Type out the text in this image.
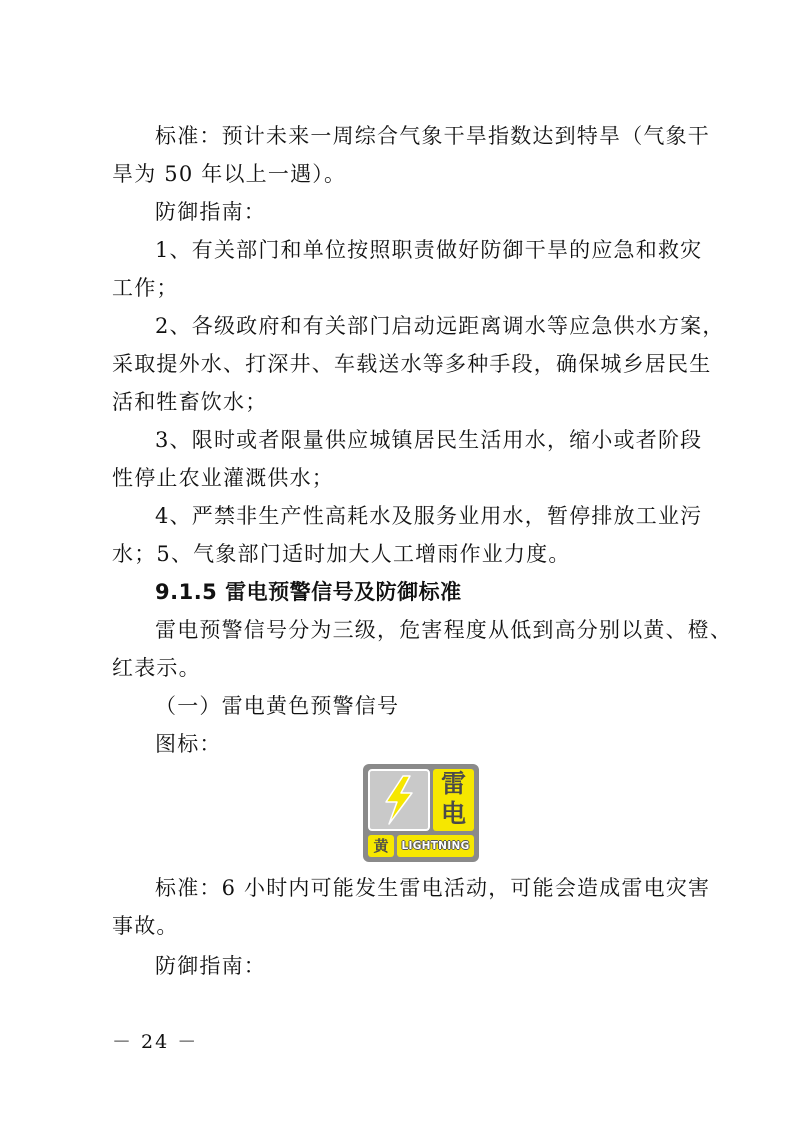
标准：预计未来一周综合气象干旱指数达到特旱（气象干
旱为 50 年以上一遇）。
防御指南：
1、有关部门和单位按照职责做好防御干旱的应急和救灾
工作；
2、各级政府和有关部门启动远距离调水等应急供水方案，
采取提外水、打深井、车载送水等多种手段，确保城乡居民生
活和牲畜饮水；
3、限时或者限量供应城镇居民生活用水，缩小或者阶段
性停止农业灌溉供水；
4、严禁非生产性高耗水及服务业用水，暂停排放工业污
水；5、气象部门适时加大人工增雨作业力度。
9.1.5 雷电预警信号及防御标准
雷电预警信号分为三级，危害程度从低到高分别以黄、橙、
红表示。
（一）雷电黄色预警信号
图标：
雷
电
黄	LIGHTNING
标准：6 小时内可能发生雷电活动，可能会造成雷电灾害
事故。
防御指南：
－ 24 －
